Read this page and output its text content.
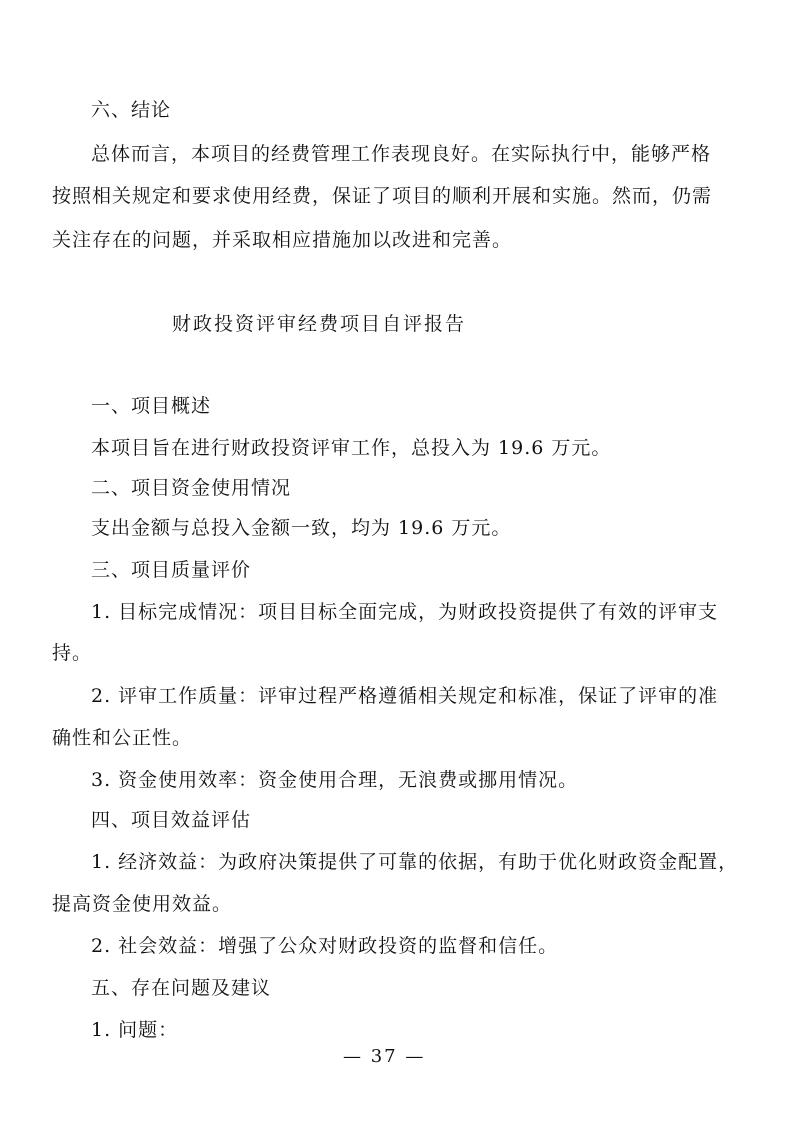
六、结论
总体而言，本项目的经费管理工作表现良好。在实际执行中，能够严格
按照相关规定和要求使用经费，保证了项目的顺利开展和实施。然而，仍需
关注存在的问题，并采取相应措施加以改进和完善。
财政投资评审经费项目自评报告
一、项目概述
本项目旨在进行财政投资评审工作，总投入为 19.6 万元。
二、项目资金使用情况
支出金额与总投入金额一致，均为 19.6 万元。
三、项目质量评价
1. 目标完成情况：项目目标全面完成，为财政投资提供了有效的评审支
持。
2. 评审工作质量：评审过程严格遵循相关规定和标准，保证了评审的准
确性和公正性。
3. 资金使用效率：资金使用合理，无浪费或挪用情况。
四、项目效益评估
1. 经济效益：为政府决策提供了可靠的依据，有助于优化财政资金配置，
提高资金使用效益。
2. 社会效益：增强了公众对财政投资的监督和信任。
五、存在问题及建议
1. 问题：
— 37 —
